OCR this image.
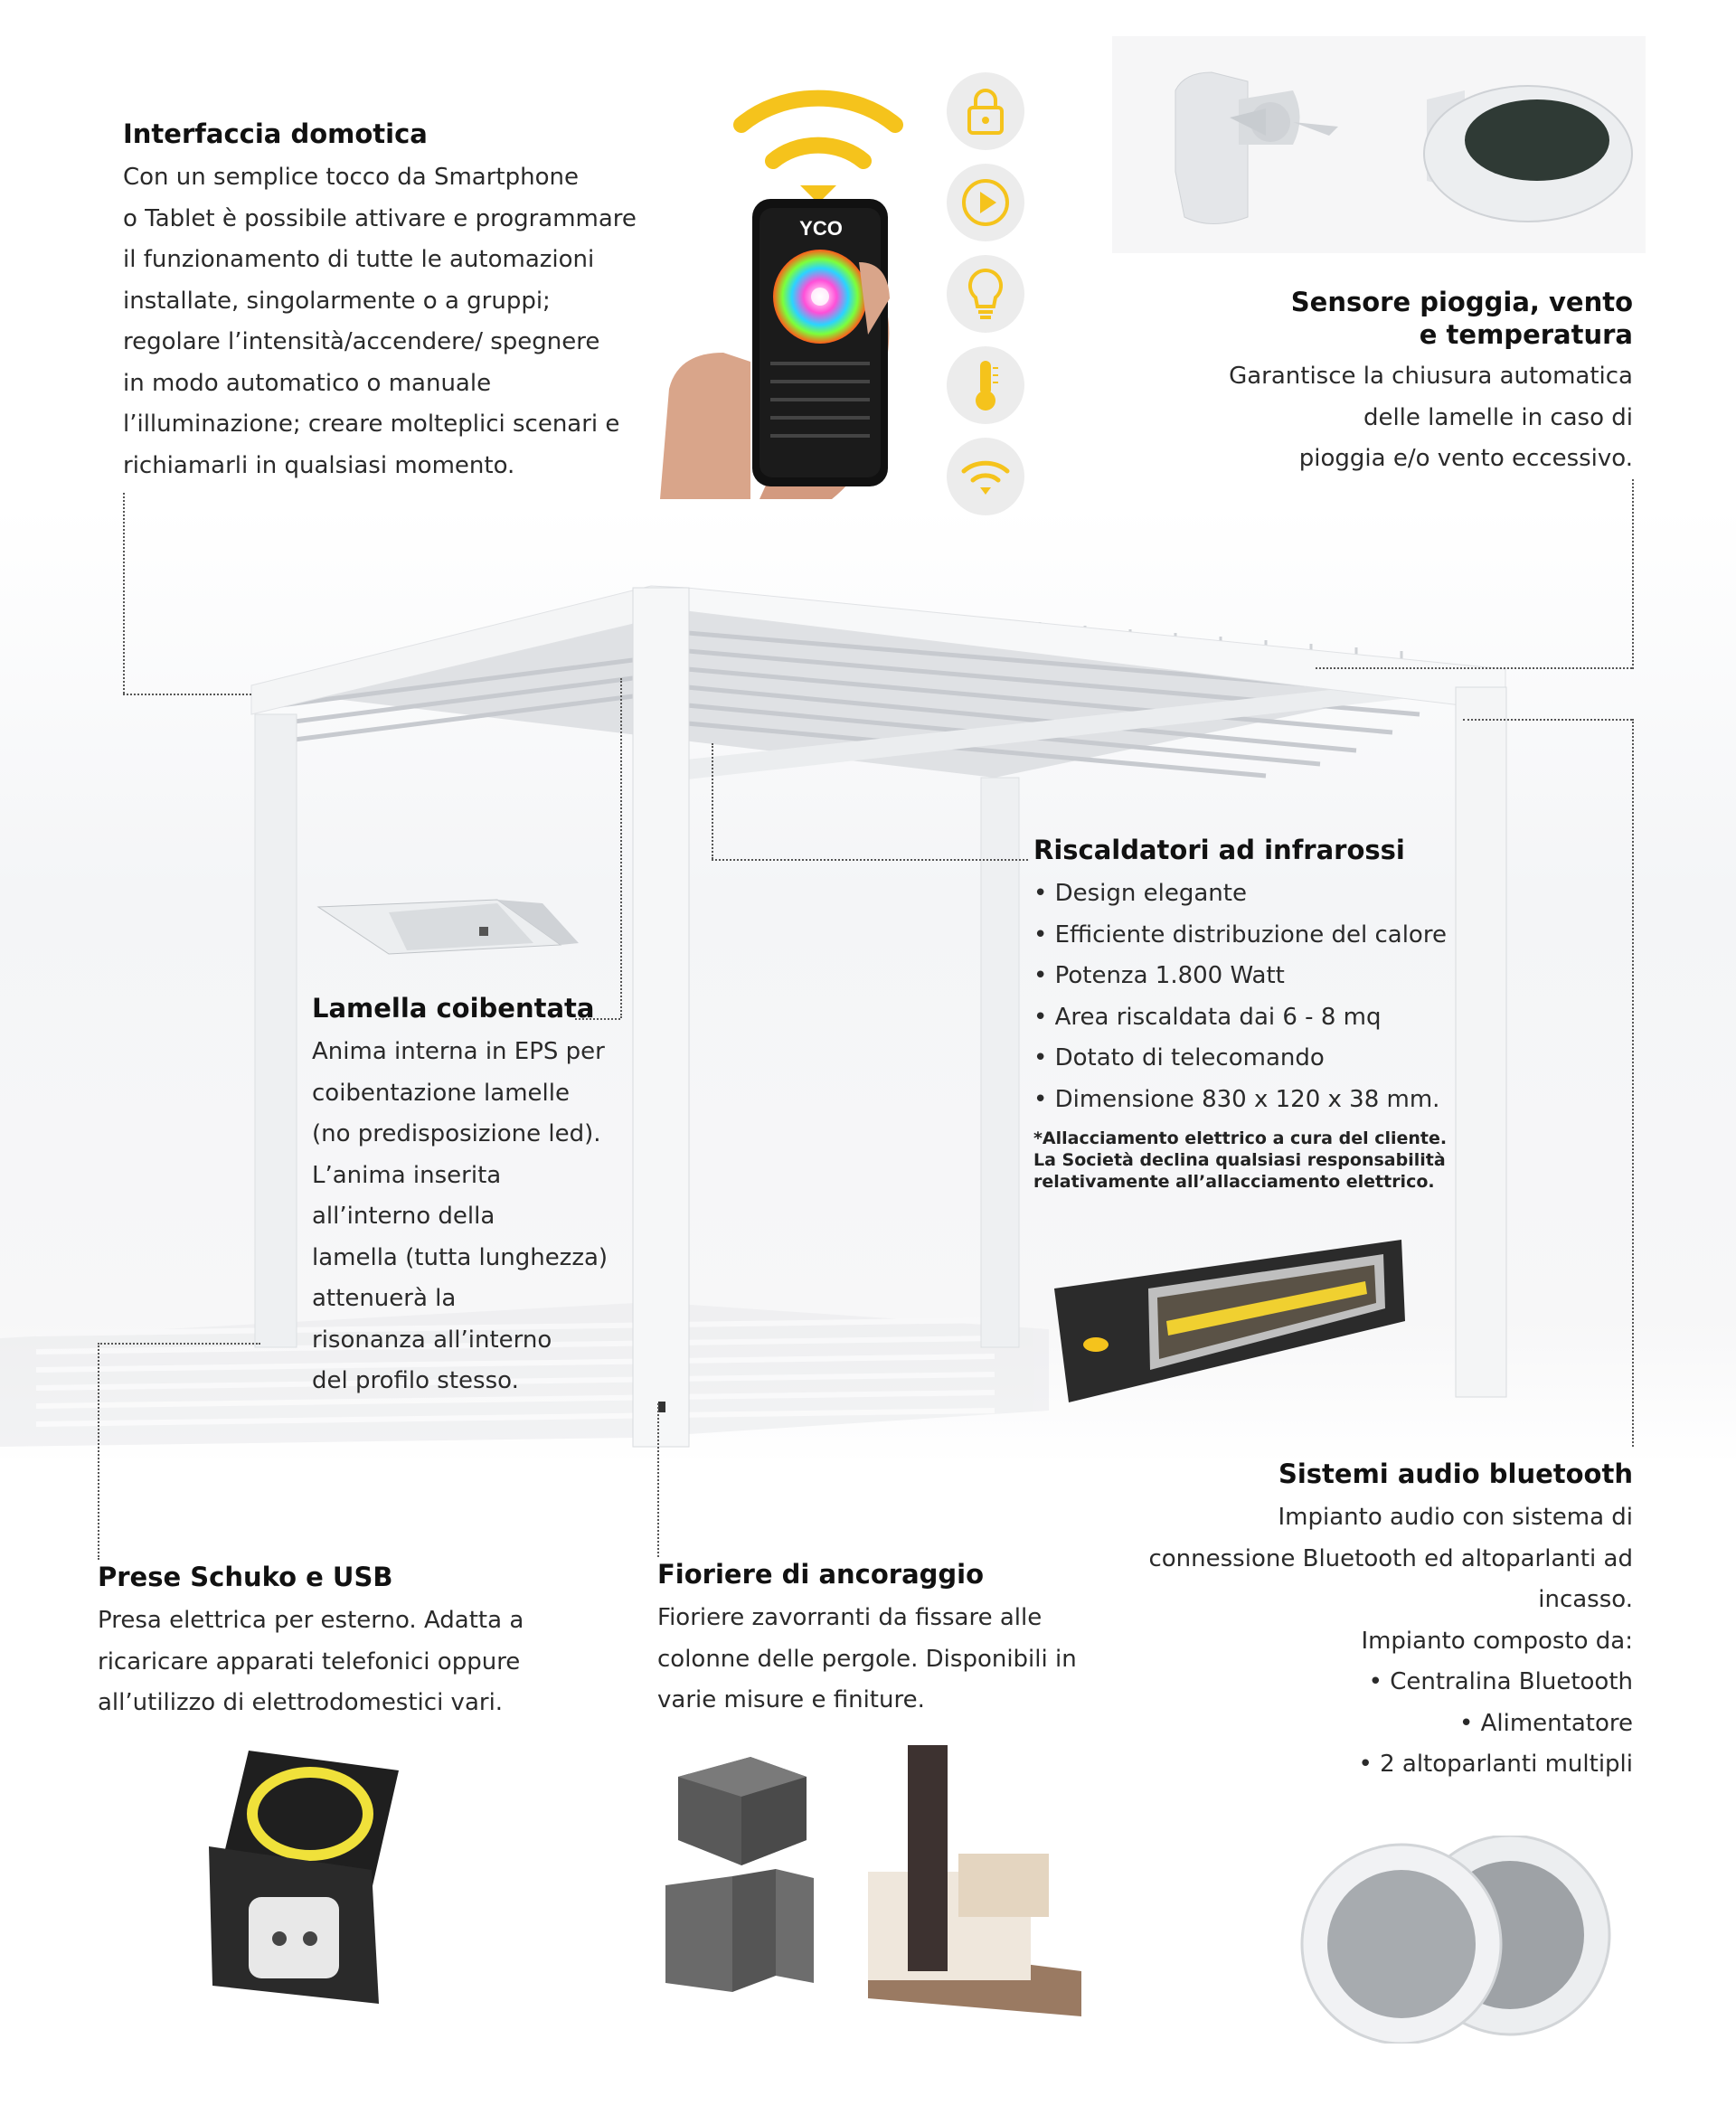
Interfaccia domotica
Con un semplice tocco da Smartphone
o Tablet è possibile attivare e programmare
il funzionamento di tutte le automazioni
installate, singolarmente o a gruppi;
regolare l’intensità/accendere/ spegnere
in modo automatico o manuale
l’illuminazione; creare molteplici scenari e
richiamarli in qualsiasi momento.
YCO
Sensore pioggia, vento
e temperatura
Garantisce la chiusura automatica
delle lamelle in caso di
pioggia e/o vento eccessivo.
Riscaldatori ad infrarossi
• Design elegante
• Efficiente distribuzione del calore
• Potenza 1.800 Watt
• Area riscaldata dai 6 - 8 mq
• Dotato di telecomando
• Dimensione 830 x 120 x 38 mm.
*Allacciamento elettrico a cura del cliente.
La Società declina qualsiasi responsabilità
relativamente all’allacciamento elettrico.
Lamella coibentata
Anima interna in EPS per
coibentazione lamelle
(no predisposizione led).
L’anima inserita
all’interno della
lamella (tutta lunghezza)
attenuerà la
risonanza all’interno
del profilo stesso.
Sistemi audio bluetooth
Impianto audio con sistema di
connessione Bluetooth ed altoparlanti ad
incasso.
Impianto composto da:
• Centralina Bluetooth
• Alimentatore
• 2 altoparlanti multipli
Prese Schuko e USB
Presa elettrica per esterno. Adatta a
ricaricare apparati telefonici oppure
all’utilizzo di elettrodomestici vari.
Fioriere di ancoraggio
Fioriere zavorranti da fissare alle
colonne delle pergole. Disponibili in
varie misure e finiture.
